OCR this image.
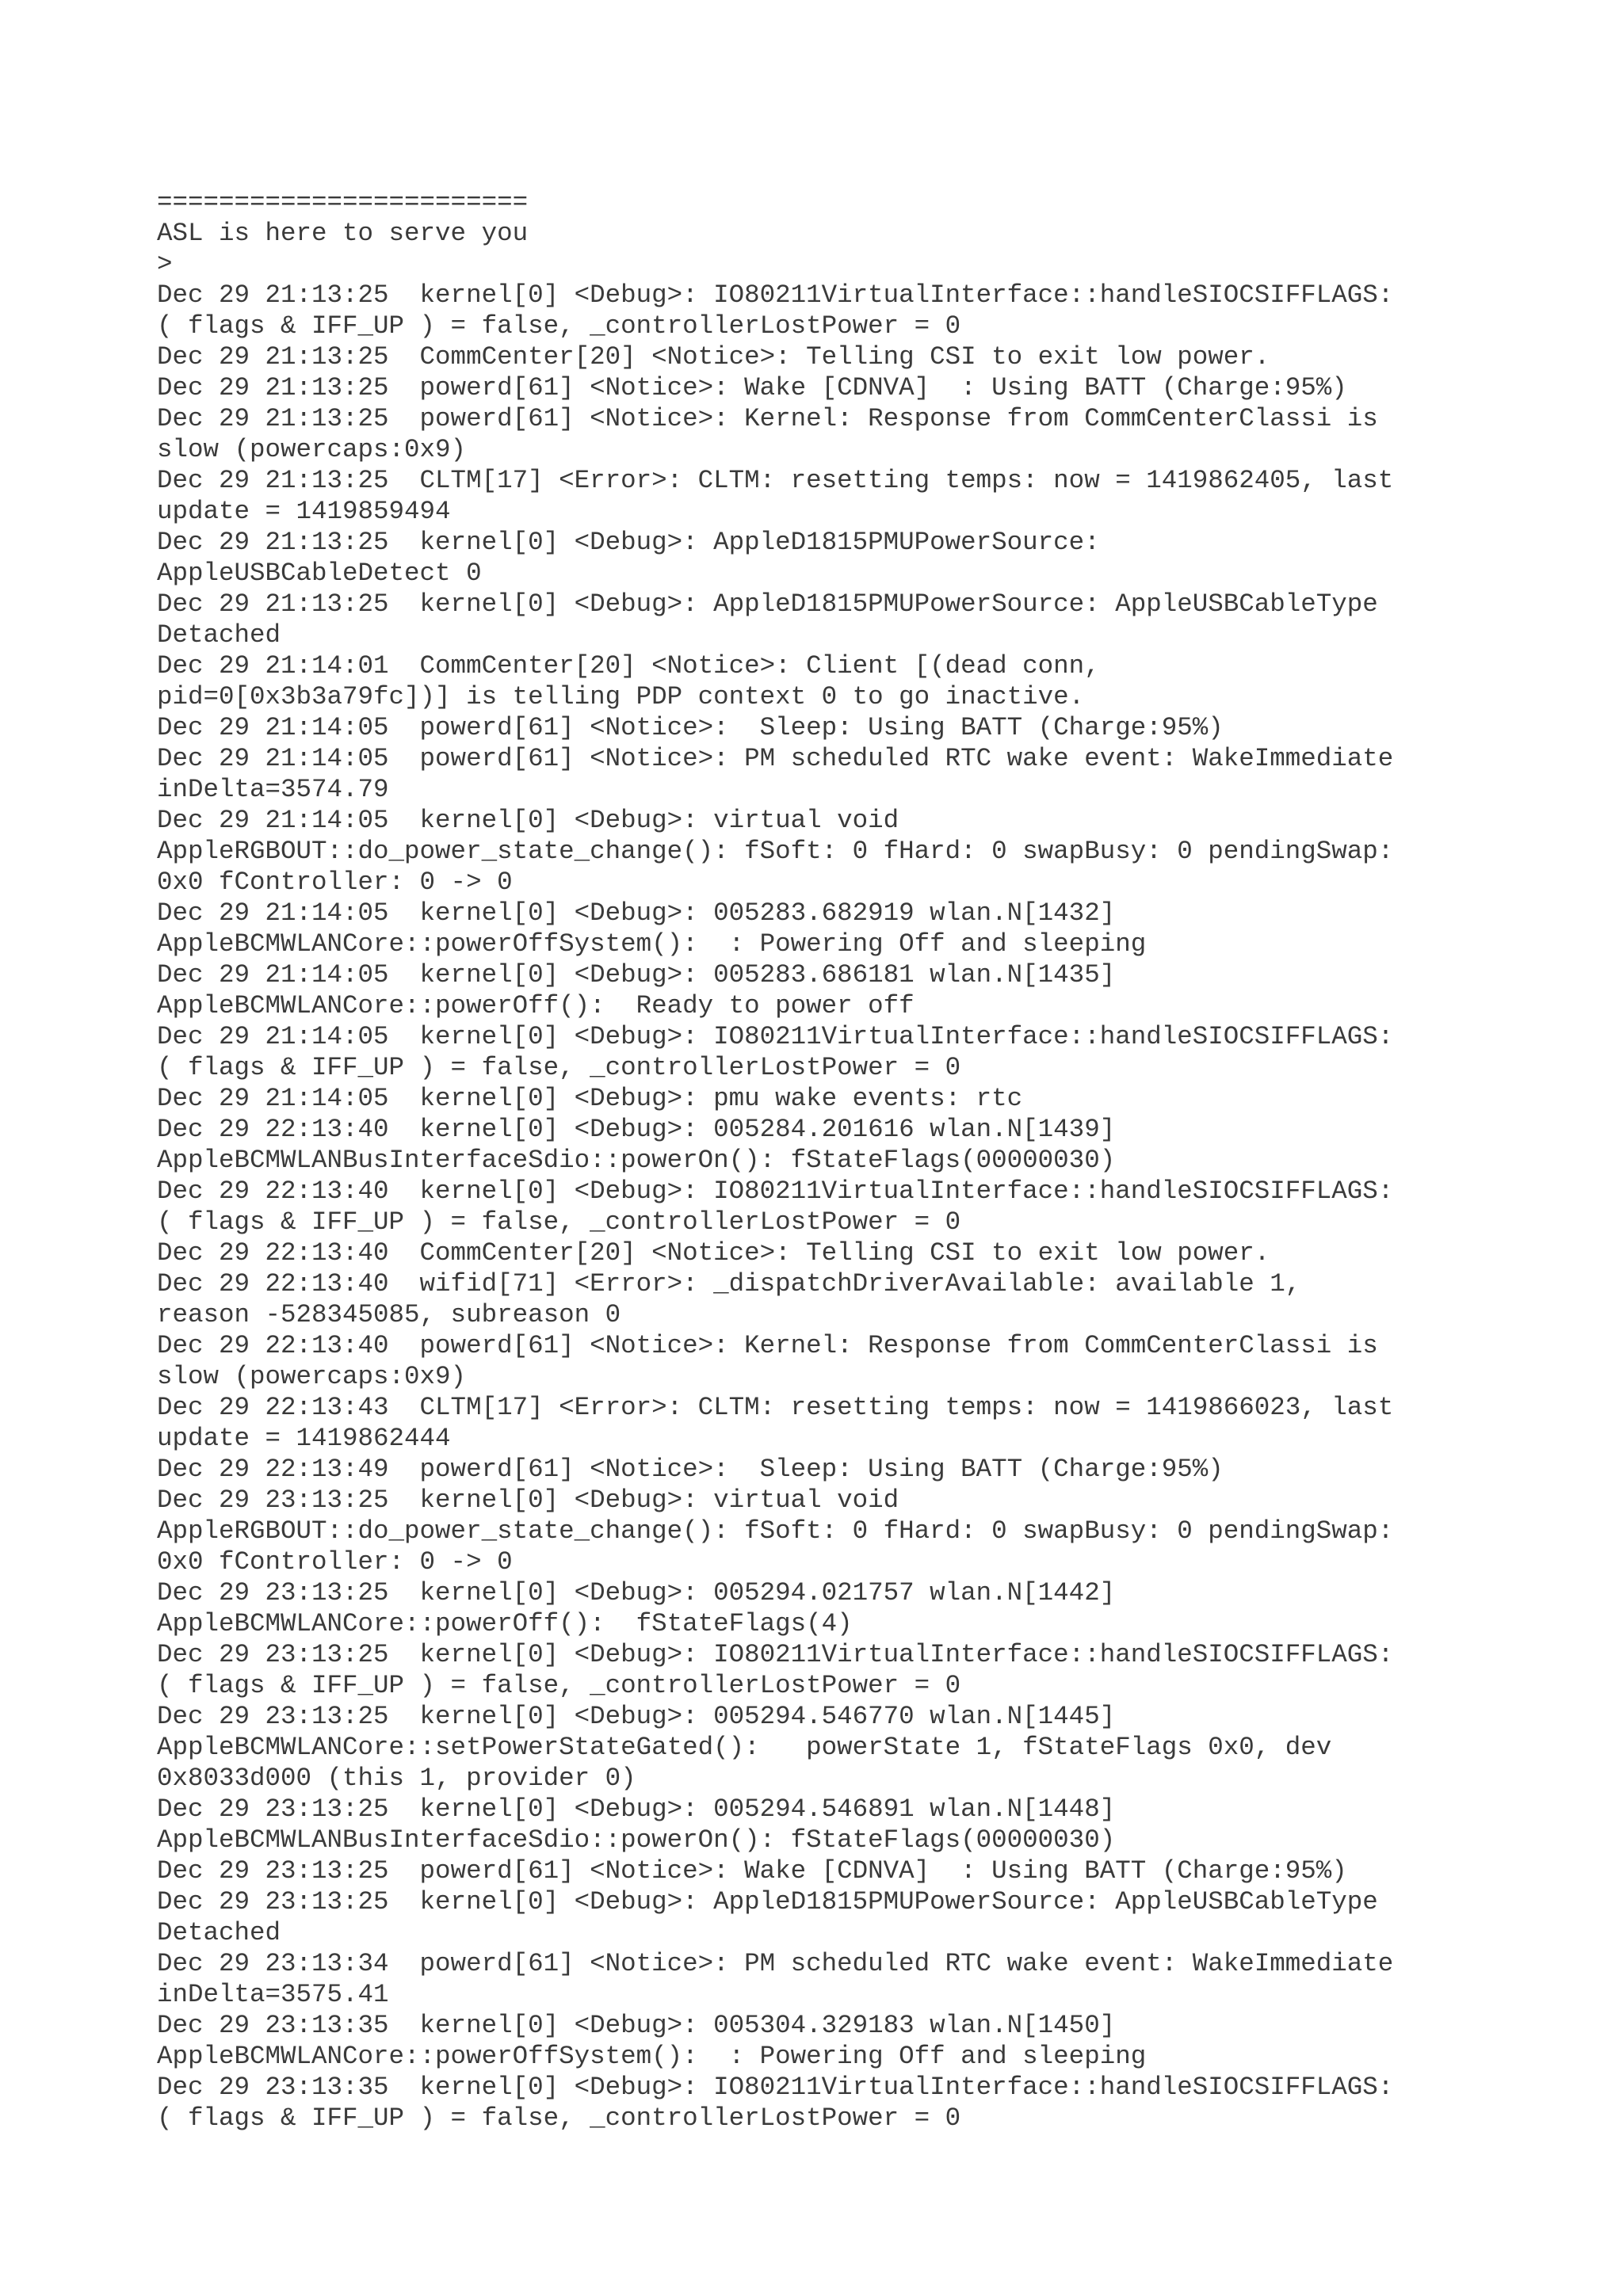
========================
ASL is here to serve you
>
Dec 29 21:13:25  kernel[0] <Debug>: IO80211VirtualInterface::handleSIOCSIFFLAGS:
( flags & IFF_UP ) = false, _controllerLostPower = 0
Dec 29 21:13:25  CommCenter[20] <Notice>: Telling CSI to exit low power.
Dec 29 21:13:25  powerd[61] <Notice>: Wake [CDNVA]  : Using BATT (Charge:95%)
Dec 29 21:13:25  powerd[61] <Notice>: Kernel: Response from CommCenterClassi is
slow (powercaps:0x9)
Dec 29 21:13:25  CLTM[17] <Error>: CLTM: resetting temps: now = 1419862405, last
update = 1419859494
Dec 29 21:13:25  kernel[0] <Debug>: AppleD1815PMUPowerSource:
AppleUSBCableDetect 0
Dec 29 21:13:25  kernel[0] <Debug>: AppleD1815PMUPowerSource: AppleUSBCableType
Detached
Dec 29 21:14:01  CommCenter[20] <Notice>: Client [(dead conn,
pid=0[0x3b3a79fc])] is telling PDP context 0 to go inactive.
Dec 29 21:14:05  powerd[61] <Notice>:  Sleep: Using BATT (Charge:95%)
Dec 29 21:14:05  powerd[61] <Notice>: PM scheduled RTC wake event: WakeImmediate
inDelta=3574.79
Dec 29 21:14:05  kernel[0] <Debug>: virtual void
AppleRGBOUT::do_power_state_change(): fSoft: 0 fHard: 0 swapBusy: 0 pendingSwap:
0x0 fController: 0 -> 0
Dec 29 21:14:05  kernel[0] <Debug>: 005283.682919 wlan.N[1432]
AppleBCMWLANCore::powerOffSystem():  : Powering Off and sleeping
Dec 29 21:14:05  kernel[0] <Debug>: 005283.686181 wlan.N[1435]
AppleBCMWLANCore::powerOff():  Ready to power off
Dec 29 21:14:05  kernel[0] <Debug>: IO80211VirtualInterface::handleSIOCSIFFLAGS:
( flags & IFF_UP ) = false, _controllerLostPower = 0
Dec 29 21:14:05  kernel[0] <Debug>: pmu wake events: rtc
Dec 29 22:13:40  kernel[0] <Debug>: 005284.201616 wlan.N[1439]
AppleBCMWLANBusInterfaceSdio::powerOn(): fStateFlags(00000030)
Dec 29 22:13:40  kernel[0] <Debug>: IO80211VirtualInterface::handleSIOCSIFFLAGS:
( flags & IFF_UP ) = false, _controllerLostPower = 0
Dec 29 22:13:40  CommCenter[20] <Notice>: Telling CSI to exit low power.
Dec 29 22:13:40  wifid[71] <Error>: _dispatchDriverAvailable: available 1,
reason -528345085, subreason 0
Dec 29 22:13:40  powerd[61] <Notice>: Kernel: Response from CommCenterClassi is
slow (powercaps:0x9)
Dec 29 22:13:43  CLTM[17] <Error>: CLTM: resetting temps: now = 1419866023, last
update = 1419862444
Dec 29 22:13:49  powerd[61] <Notice>:  Sleep: Using BATT (Charge:95%)
Dec 29 23:13:25  kernel[0] <Debug>: virtual void
AppleRGBOUT::do_power_state_change(): fSoft: 0 fHard: 0 swapBusy: 0 pendingSwap:
0x0 fController: 0 -> 0
Dec 29 23:13:25  kernel[0] <Debug>: 005294.021757 wlan.N[1442]
AppleBCMWLANCore::powerOff():  fStateFlags(4)
Dec 29 23:13:25  kernel[0] <Debug>: IO80211VirtualInterface::handleSIOCSIFFLAGS:
( flags & IFF_UP ) = false, _controllerLostPower = 0
Dec 29 23:13:25  kernel[0] <Debug>: 005294.546770 wlan.N[1445]
AppleBCMWLANCore::setPowerStateGated():   powerState 1, fStateFlags 0x0, dev
0x8033d000 (this 1, provider 0)
Dec 29 23:13:25  kernel[0] <Debug>: 005294.546891 wlan.N[1448]
AppleBCMWLANBusInterfaceSdio::powerOn(): fStateFlags(00000030)
Dec 29 23:13:25  powerd[61] <Notice>: Wake [CDNVA]  : Using BATT (Charge:95%)
Dec 29 23:13:25  kernel[0] <Debug>: AppleD1815PMUPowerSource: AppleUSBCableType
Detached
Dec 29 23:13:34  powerd[61] <Notice>: PM scheduled RTC wake event: WakeImmediate
inDelta=3575.41
Dec 29 23:13:35  kernel[0] <Debug>: 005304.329183 wlan.N[1450]
AppleBCMWLANCore::powerOffSystem():  : Powering Off and sleeping
Dec 29 23:13:35  kernel[0] <Debug>: IO80211VirtualInterface::handleSIOCSIFFLAGS:
( flags & IFF_UP ) = false, _controllerLostPower = 0
